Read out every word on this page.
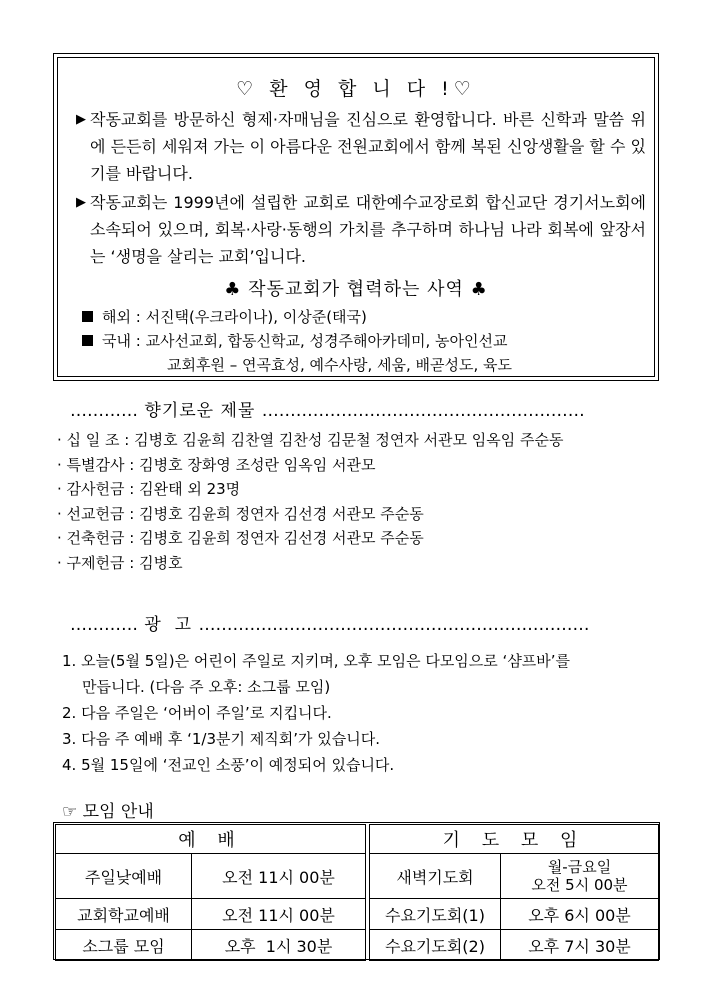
♡ 환 영 합 니 다 !♡
▶ 작동교회를 방문하신 형제·자매님을 진심으로 환영합니다. 바른 신학과 말씀 위에 든든히 세워져 가는 이 아름다운 전원교회에서 함께 복된 신앙생활을 할 수 있기를 바랍니다.
▶ 작동교회는 1999년에 설립한 교회로 대한예수교장로회 합신교단 경기서노회에 소속되어 있으며, 회복·사랑·동행의 가치를 추구하며 하나님 나라 회복에 앞장서는 ‘생명을 살리는 교회’입니다.
♣ 작동교회가 협력하는 사역 ♣
해외 : 서진택(우크라이나), 이상준(태국)
국내 : 교사선교회, 합동신학교, 성경주해아카데미, 농아인선교
교회후원 – 연곡효성, 예수사랑, 세움, 배곧성도, 육도
………… 향기로운 제물 …………………………………………………
· 십 일 조 : 김병호 김윤희 김찬열 김찬성 김문철 정연자 서관모 임옥임 주순동
· 특별감사 : 김병호 장화영 조성란 임옥임 서관모
· 감사헌금 : 김완태 외 23명
· 선교헌금 : 김병호 김윤희 정연자 김선경 서관모 주순동
· 건축헌금 : 김병호 김윤희 정연자 김선경 서관모 주순동
· 구제헌금 : 김병호
………… 광  고 ……………………………………………………………
1. 오늘(5월 5일)은 어린이 주일로 지키며, 오후 모임은 다모임으로 ‘샴프바’를
만듭니다. (다음 주 오후: 소그룹 모임)
2. 다음 주일은 ‘어버이 주일’로 지킵니다.
3. 다음 주 예배 후 ‘1/3분기 제직회’가 있습니다.
4. 5월 15일에 ‘전교인 소풍’이 예정되어 있습니다.
☞ 모임 안내
예 배			기 도 모 임	
주일낮예배	오전 11시 00분		새벽기도회	월-금요일
오전 5시 00분

교회학교예배	오전 11시 00분		수요기도회(1)	오후 6시 00분
소그룹 모임	오후  1시 30분		수요기도회(2)	오후 7시 30분
